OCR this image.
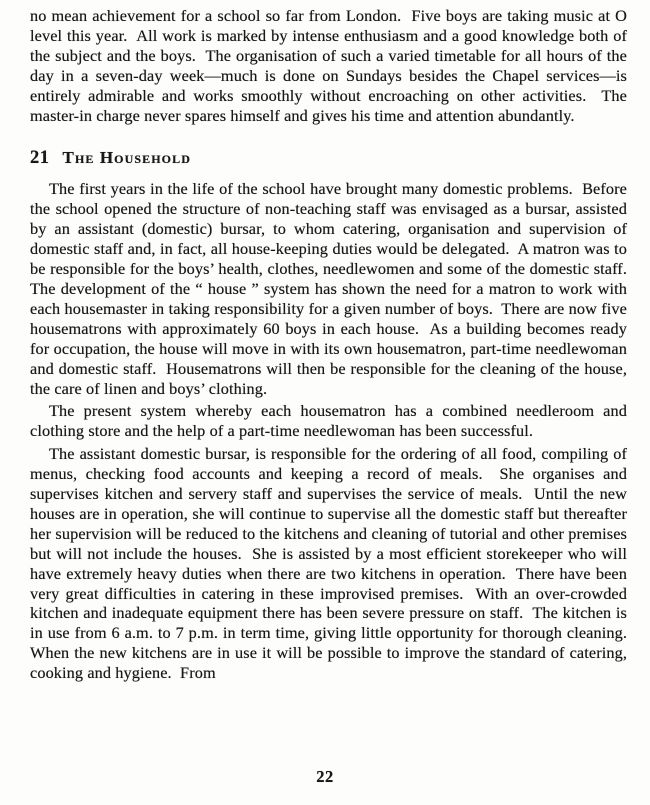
no mean achievement for a school so far from London.  Five boys are taking music at O level this year.  All work is marked by intense enthusiasm and a good knowledge both of the subject and the boys.  The organisation of such a varied timetable for all hours of the day in a seven-day week—much is done on Sundays besides the Chapel services—is entirely admirable and works smoothly without encroaching on other activities.  The master-in charge never spares himself and gives his time and attention abundantly.

21 The Household

The first years in the life of the school have brought many domestic problems.  Before the school opened the structure of non-teaching staff was envisaged as a bursar, assisted by an assistant (domestic) bursar, to whom catering, organisation and supervision of domestic staff and, in fact, all house-keeping duties would be delegated.  A matron was to be responsible for the boys’ health, clothes, needlewomen and some of the domestic staff.  The development of the “ house ” system has shown the need for a matron to work with each housemaster in taking responsibility for a given number of boys.  There are now five housematrons with approximately 60 boys in each house.  As a building becomes ready for occupation, the house will move in with its own housematron, part-time needlewoman and domestic staff.  Housematrons will then be responsible for the cleaning of the house, the care of linen and boys’ clothing.

The present system whereby each housematron has a combined needleroom and clothing store and the help of a part-time needlewoman has been successful.

The assistant domestic bursar, is responsible for the ordering of all food, compiling of menus, checking food accounts and keeping a record of meals.  She organises and supervises kitchen and servery staff and supervises the service of meals.  Until the new houses are in operation, she will continue to supervise all the domestic staff but thereafter her supervision will be reduced to the kitchens and cleaning of tutorial and other premises but will not include the houses.  She is assisted by a most efficient storekeeper who will have extremely heavy duties when there are two kitchens in operation.  There have been very great difficulties in catering in these improvised premises.  With an over-crowded kitchen and inadequate equipment there has been severe pressure on staff.  The kitchen is in use from 6 a.m. to 7 p.m. in term time, giving little opportunity for thorough cleaning.  When the new kitchens are in use it will be possible to improve the standard of catering, cooking and hygiene.  From

22
